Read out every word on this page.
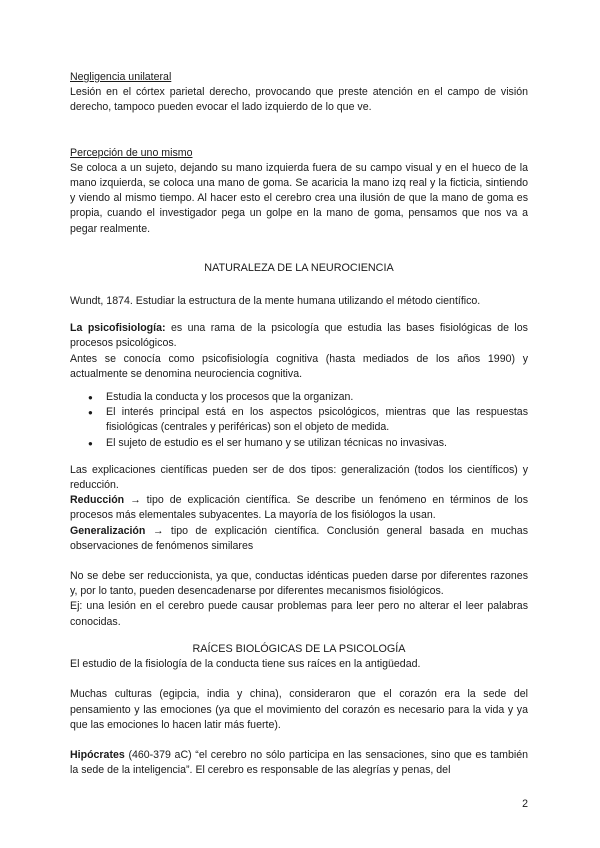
Negligencia unilateral

Lesión en el córtex parietal derecho, provocando que preste atención en el campo de visión derecho, tampoco pueden evocar el lado izquierdo de lo que ve.

Percepción de uno mismo

Se coloca a un sujeto, dejando su mano izquierda fuera de su campo visual y en el hueco de la mano izquierda, se coloca una mano de goma. Se acaricia la mano izq real y la ficticia, sintiendo y viendo al mismo tiempo. Al hacer esto el cerebro crea una ilusión de que la mano de goma es propia, cuando el investigador pega un golpe en la mano de goma, pensamos que nos va a pegar realmente.

NATURALEZA DE LA NEUROCIENCIA

Wundt, 1874. Estudiar la estructura de la mente humana utilizando el método científico.

La psicofisiología: es una rama de la psicología que estudia las bases fisiológicas de los procesos psicológicos.

Antes se conocía como psicofisiología cognitiva (hasta mediados de los años 1990) y actualmente se denomina neurociencia cognitiva.

● Estudia la conducta y los procesos que la organizan.
● El interés principal está en los aspectos psicológicos, mientras que las respuestas fisiológicas (centrales y periféricas) son el objeto de medida.
● El sujeto de estudio es el ser humano y se utilizan técnicas no invasivas.

Las explicaciones científicas pueden ser de dos tipos: generalización (todos los científicos) y reducción.

Reducción → tipo de explicación científica. Se describe un fenómeno en términos de los procesos más elementales subyacentes. La mayoría de los fisiólogos la usan.

Generalización → tipo de explicación científica. Conclusión general basada en muchas observaciones de fenómenos similares

No se debe ser reduccionista, ya que, conductas idénticas pueden darse por diferentes razones y, por lo tanto, pueden desencadenarse por diferentes mecanismos fisiológicos.

Ej: una lesión en el cerebro puede causar problemas para leer pero no alterar el leer palabras conocidas.

RAÍCES BIOLÓGICAS DE LA PSICOLOGÍA

El estudio de la fisiología de la conducta tiene sus raíces en la antigüedad.

Muchas culturas (egipcia, india y china), consideraron que el corazón era la sede del pensamiento y las emociones (ya que el movimiento del corazón es necesario para la vida y ya que las emociones lo hacen latir más fuerte).

Hipócrates (460-379 aC) “el cerebro no sólo participa en las sensaciones, sino que es también la sede de la inteligencia”. El cerebro es responsable de las alegrías y penas, del

2
